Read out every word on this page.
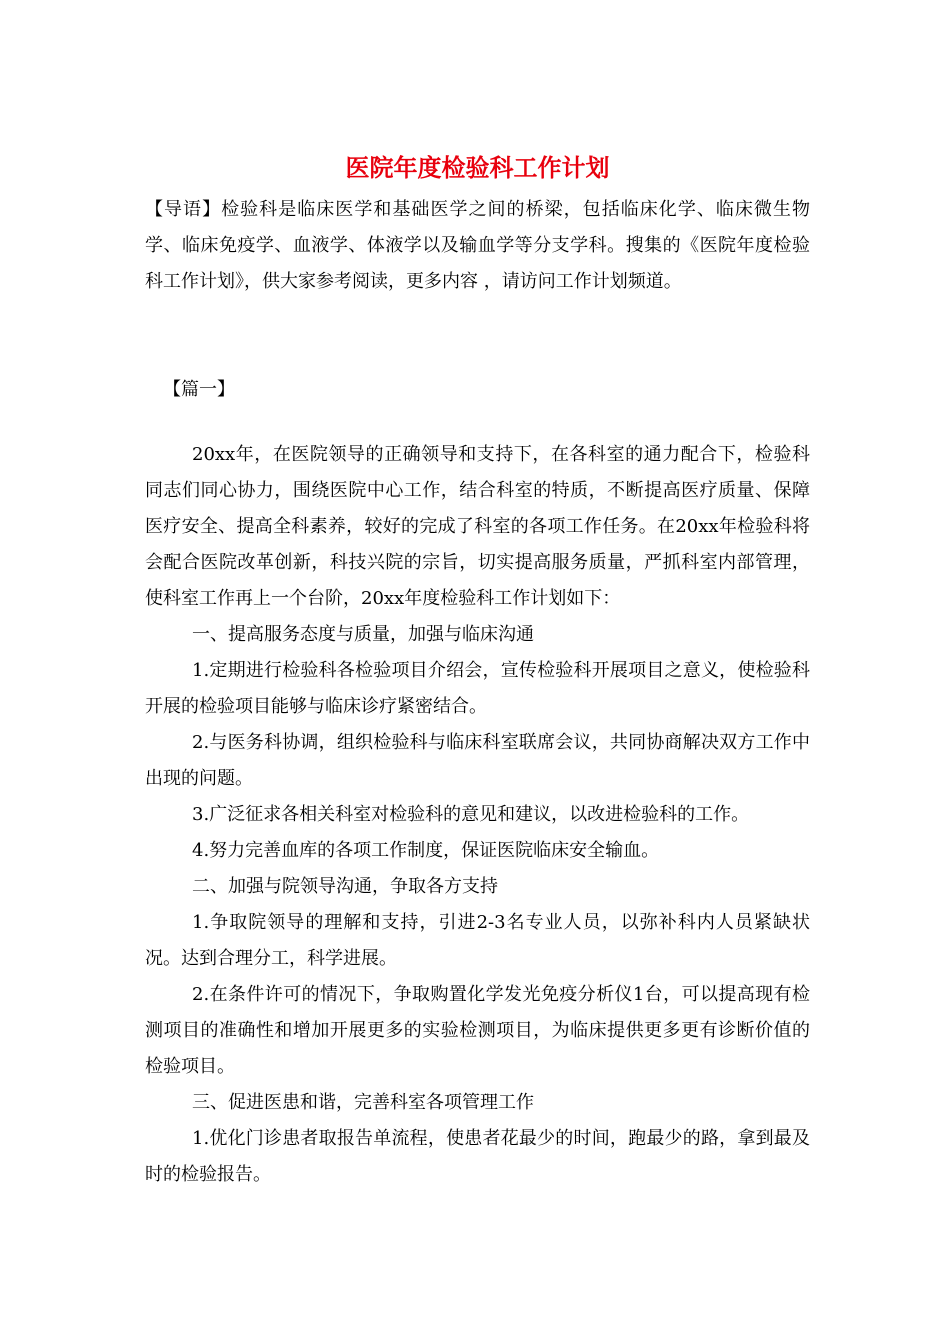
医院年度检验科工作计划
【导语】检验科是临床医学和基础医学之间的桥梁，包括临床化学、临床微生物学、临床免疫学、血液学、体液学以及输血学等分支学科。搜集的《医院年度检验科工作计划》，供大家参考阅读，更多内容 ，请访问工作计划频道。
【篇一】

20xx年，在医院领导的正确领导和支持下，在各科室的通力配合下，检验科同志们同心协力，围绕医院中心工作，结合科室的特质，不断提高医疗质量、保障医疗安全、提高全科素养，较好的完成了科室的各项工作任务。在20xx年检验科将会配合医院改革创新，科技兴院的宗旨，切实提高服务质量，严抓科室内部管理，使科室工作再上一个台阶，20xx年度检验科工作计划如下：

一、提高服务态度与质量，加强与临床沟通

1.定期进行检验科各检验项目介绍会，宣传检验科开展项目之意义，使检验科开展的检验项目能够与临床诊疗紧密结合。

2.与医务科协调，组织检验科与临床科室联席会议，共同协商解决双方工作中出现的问题。

3.广泛征求各相关科室对检验科的意见和建议，以改进检验科的工作。

4.努力完善血库的各项工作制度，保证医院临床安全输血。

二、加强与院领导沟通，争取各方支持

1.争取院领导的理解和支持，引进2-3名专业人员，以弥补科内人员紧缺状况。达到合理分工，科学进展。

2.在条件许可的情况下，争取购置化学发光免疫分析仪1台，可以提高现有检测项目的准确性和增加开展更多的实验检测项目，为临床提供更多更有诊断价值的检验项目。

三、促进医患和谐，完善科室各项管理工作

1.优化门诊患者取报告单流程，使患者花最少的时间，跑最少的路，拿到最及时的检验报告。
